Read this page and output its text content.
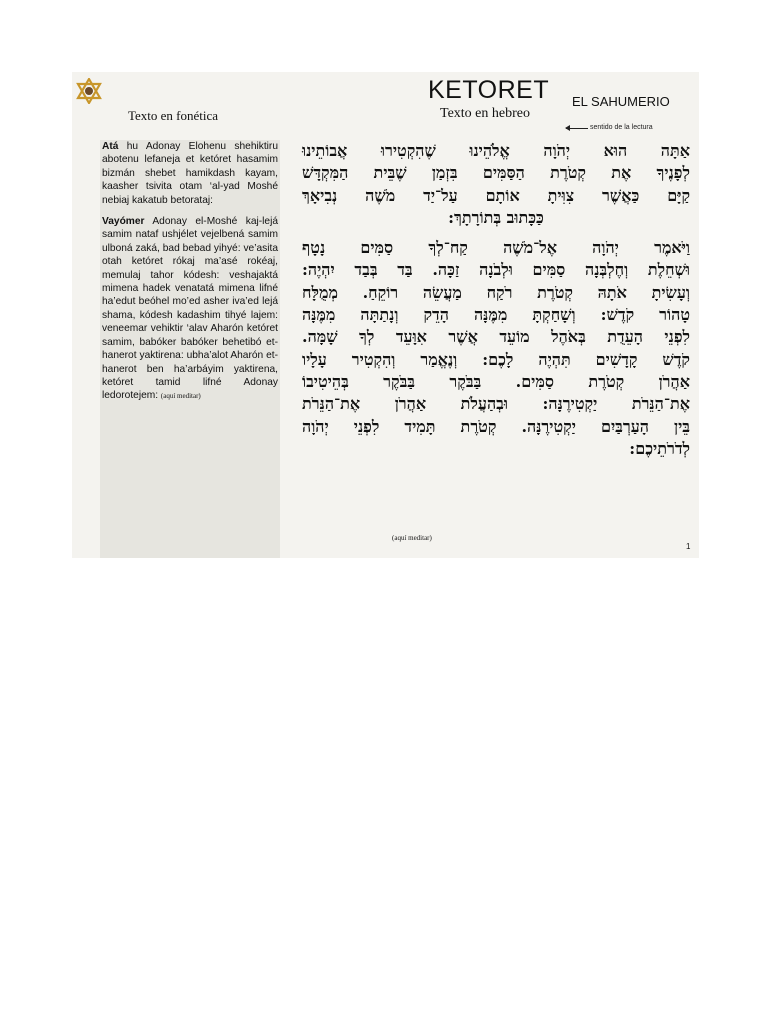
KETORET EL SAHUMERIO
Texto en fonética	Texto en hebreo
sentido de la lectura

Atá hu Adonay Elohenu shehiktiru abotenu lefaneja et ketóret hasamim bizmán shebet hamikdash kayam, kaasher tsivita otam ‘al-yad Moshé nebiaj kakatub betorataj:

Vayómer Adonay el-Moshé kaj-lejá samim nataf ushjélet vejelbená samim ulboná zaká, bad bebad yihyé: ve’asita otah ketóret rókaj ma’asé rokéaj, memulaj tahor kódesh: veshajaktá mimena hadek venatatá mimena lifné ha’edut beóhel mo’ed asher iva’ed lejá shama, kódesh kadashim tihyé lajem: veneemar vehiktir ‘alav Aharón ketóret samim, babóker babóker behetibó et-hanerot yaktirena: ubha’alot Aharón et-hanerot ben ha’arbáyim yaktirena, ketóret tamid lifné Adonay ledorotejem: (aquí meditar)

אַתָּה הוּא יְהֹוָה אֱלֹהֵינוּ שֶׁהִקְטִירוּ אֲבוֹתֵינוּ

לְפָנֶיךָ אֶת קְטֹרֶת הַסַּמִּים בִּזְמַן שֶׁבֵּית הַמִּקְדָּשׁ

קַיָּם כַּאֲשֶׁר צִוִּיתָ אוֹתָם עַל־יַד מֹשֶׁה נְבִיאָךְ

כַּכָּתוּב בְּתוֹרָתָךְ:

וַיֹּאמֶר יְהֹוָה אֶל־מֹשֶׁה קַח־לְךָ סַמִּים נָטָף

וּשְׁחֵלֶת וְחֶלְבְּנָה סַמִּים וּלְבֹנָה זַכָּה. בַּד בְּבַד יִהְיֶה:

וְעָשִׂיתָ אֹתָהּ קְטֹרֶת רֹקַח מַעֲשֵׂה רוֹקֵחַ. מְמֻלָּח

טָהוֹר קֹדֶשׁ: וְשָׁחַקְתָּ מִמֶּנָּה הָדֵק וְנָתַתָּה מִמֶּנָּה

לִפְנֵי הָעֵדֻת בְּאֹהֶל מוֹעֵד אֲשֶׁר אִוָּעֵד לְךָ שָׁמָּה.

קֹדֶשׁ קָדָשִׁים תִּהְיֶה לָכֶם: וְנֶאֱמַר וְהִקְטִיר עָלָיו

אַהֲרֹן קְטֹרֶת סַמִּים. בַּבֹּקֶר בַּבֹּקֶר בְּהֵיטִיבוֹ

אֶת־הַנֵּרֹת יַקְטִירֶנָּה: וּבְהַעֲלֹת אַהֲרֹן אֶת־הַנֵּרֹת

בֵּין הָעַרְבַּיִם יַקְטִירֶנָּה. קְטֹרֶת תָּמִיד לִפְנֵי יְהֹוָה

לְדֹרֹתֵיכֶם:

(aquí meditar)
1
